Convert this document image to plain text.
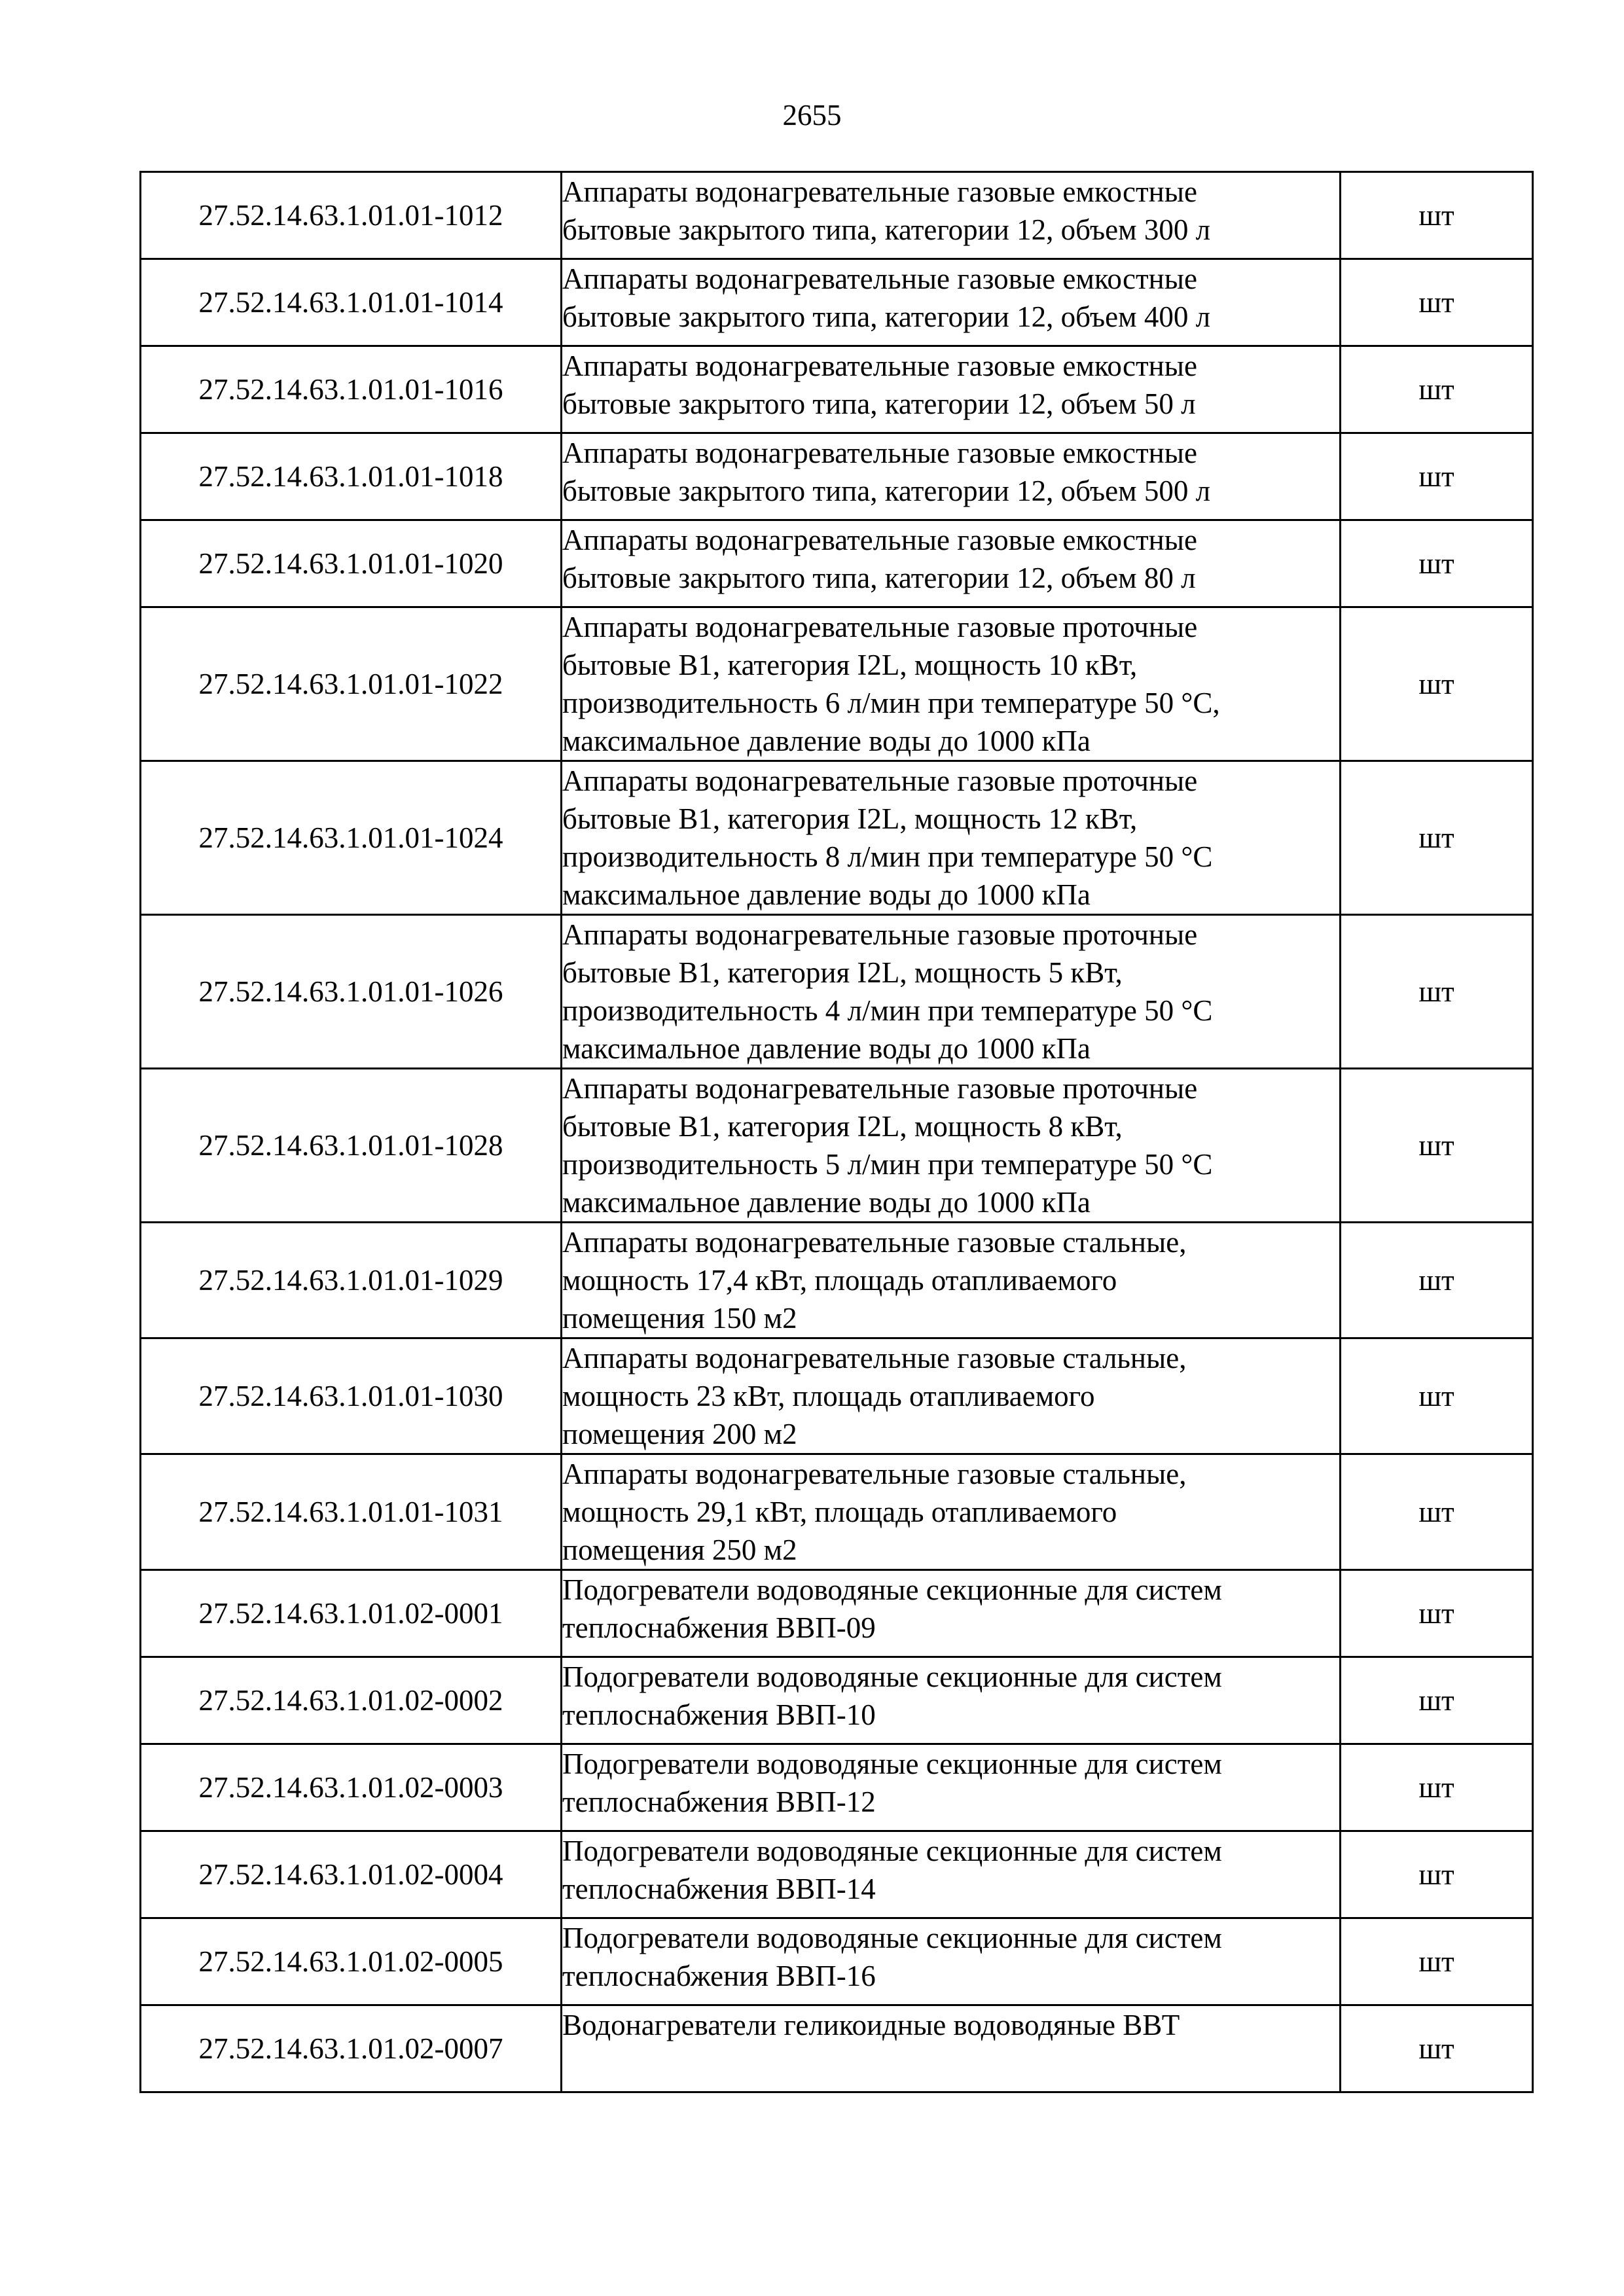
2655
27.52.14.63.1.01.01-1012	Аппараты водонагревательные газовые емкостные
бытовые закрытого типа, категории 12, объем 300 л	шт
27.52.14.63.1.01.01-1014	Аппараты водонагревательные газовые емкостные
бытовые закрытого типа, категории 12, объем 400 л	шт
27.52.14.63.1.01.01-1016	Аппараты водонагревательные газовые емкостные
бытовые закрытого типа, категории 12, объем 50 л	шт
27.52.14.63.1.01.01-1018	Аппараты водонагревательные газовые емкостные
бытовые закрытого типа, категории 12, объем 500 л	шт
27.52.14.63.1.01.01-1020	Аппараты водонагревательные газовые емкостные
бытовые закрытого типа, категории 12, объем 80 л	шт
27.52.14.63.1.01.01-1022	Аппараты водонагревательные газовые проточные
бытовые В1, категория I2L, мощность 10 кВт,
производительность 6 л/мин при температуре 50 °С,
максимальное давление воды до 1000 кПа	шт
27.52.14.63.1.01.01-1024	Аппараты водонагревательные газовые проточные
бытовые В1, категория I2L, мощность 12 кВт,
производительность 8 л/мин при температуре 50 °С
максимальное давление воды до 1000 кПа	шт
27.52.14.63.1.01.01-1026	Аппараты водонагревательные газовые проточные
бытовые В1, категория I2L, мощность 5 кВт,
производительность 4 л/мин при температуре 50 °С
максимальное давление воды до 1000 кПа	шт
27.52.14.63.1.01.01-1028	Аппараты водонагревательные газовые проточные
бытовые В1, категория I2L, мощность 8 кВт,
производительность 5 л/мин при температуре 50 °С
максимальное давление воды до 1000 кПа	шт
27.52.14.63.1.01.01-1029	Аппараты водонагревательные газовые стальные,
мощность 17,4 кВт, площадь отапливаемого
помещения 150 м2	шт
27.52.14.63.1.01.01-1030	Аппараты водонагревательные газовые стальные,
мощность 23 кВт, площадь отапливаемого
помещения 200 м2	шт
27.52.14.63.1.01.01-1031	Аппараты водонагревательные газовые стальные,
мощность 29,1 кВт, площадь отапливаемого
помещения 250 м2	шт
27.52.14.63.1.01.02-0001	Подогреватели водоводяные секционные для систем
теплоснабжения ВВП-09	шт
27.52.14.63.1.01.02-0002	Подогреватели водоводяные секционные для систем
теплоснабжения ВВП-10	шт
27.52.14.63.1.01.02-0003	Подогреватели водоводяные секционные для систем
теплоснабжения ВВП-12	шт
27.52.14.63.1.01.02-0004	Подогреватели водоводяные секционные для систем
теплоснабжения ВВП-14	шт
27.52.14.63.1.01.02-0005	Подогреватели водоводяные секционные для систем
теплоснабжения ВВП-16	шт
27.52.14.63.1.01.02-0007	Водонагреватели геликоидные водоводяные ВВТ	шт
